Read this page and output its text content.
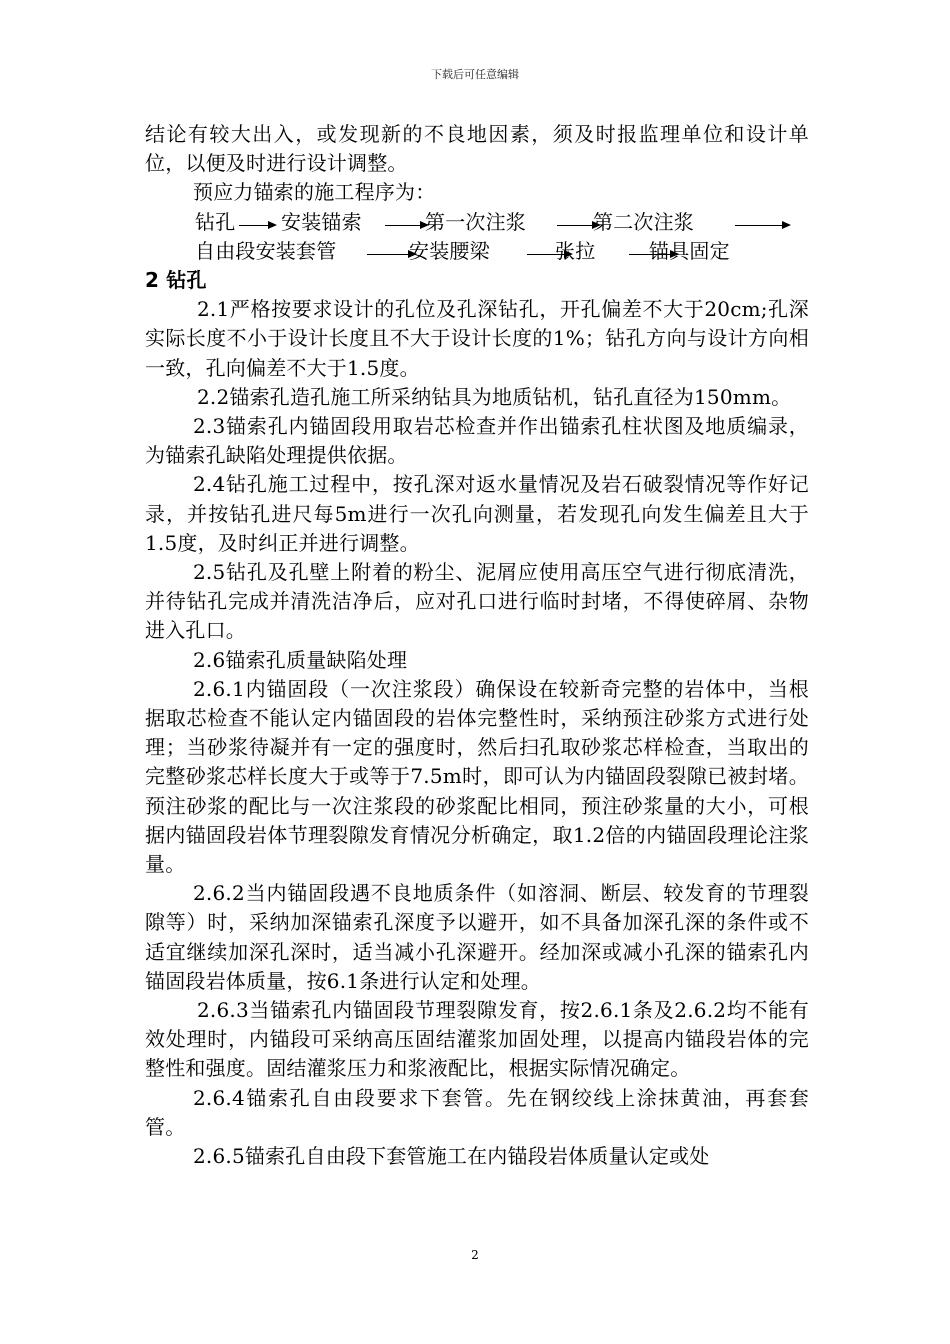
下载后可任意编辑

结论有较大出入，或发现新的不良地因素，须及时报监理单位和设计单位，以便及时进行设计调整。

预应力锚索的施工程序为：

钻孔 安装锚索	第一次注浆	第二次注浆
自由段安装套管	安装腰梁	张拉	锚具固定

2 钻孔

2.1严格按要求设计的孔位及孔深钻孔，开孔偏差不大于20cm;孔深实际长度不小于设计长度且不大于设计长度的1%；钻孔方向与设计方向相一致，孔向偏差不大于1.5度。

2.2锚索孔造孔施工所采纳钻具为地质钻机，钻孔直径为150mm。

2.3锚索孔内锚固段用取岩芯检查并作出锚索孔柱状图及地质编录，为锚索孔缺陷处理提供依据。

2.4钻孔施工过程中，按孔深对返水量情况及岩石破裂情况等作好记录，并按钻孔进尺每5m进行一次孔向测量，若发现孔向发生偏差且大于1.5度，及时纠正并进行调整。

2.5钻孔及孔壁上附着的粉尘、泥屑应使用高压空气进行彻底清洗，并待钻孔完成并清洗洁净后，应对孔口进行临时封堵，不得使碎屑、杂物进入孔口。

2.6锚索孔质量缺陷处理

2.6.1内锚固段（一次注浆段）确保设在较新奇完整的岩体中，当根据取芯检查不能认定内锚固段的岩体完整性时，采纳预注砂浆方式进行处理；当砂浆待凝并有一定的强度时，然后扫孔取砂浆芯样检查，当取出的完整砂浆芯样长度大于或等于7.5m时，即可认为内锚固段裂隙已被封堵。预注砂浆的配比与一次注浆段的砂浆配比相同，预注砂浆量的大小，可根据内锚固段岩体节理裂隙发育情况分析确定，取1.2倍的内锚固段理论注浆量。

2.6.2当内锚固段遇不良地质条件（如溶洞、断层、较发育的节理裂隙等）时，采纳加深锚索孔深度予以避开，如不具备加深孔深的条件或不适宜继续加深孔深时，适当减小孔深避开。经加深或减小孔深的锚索孔内锚固段岩体质量，按6.1条进行认定和处理。

2.6.3当锚索孔内锚固段节理裂隙发育，按2.6.1条及2.6.2均不能有效处理时，内锚段可采纳高压固结灌浆加固处理，以提高内锚段岩体的完整性和强度。固结灌浆压力和浆液配比，根据实际情况确定。

2.6.4锚索孔自由段要求下套管。先在钢绞线上涂抹黄油，再套套管。

2.6.5锚索孔自由段下套管施工在内锚段岩体质量认定或处

2
